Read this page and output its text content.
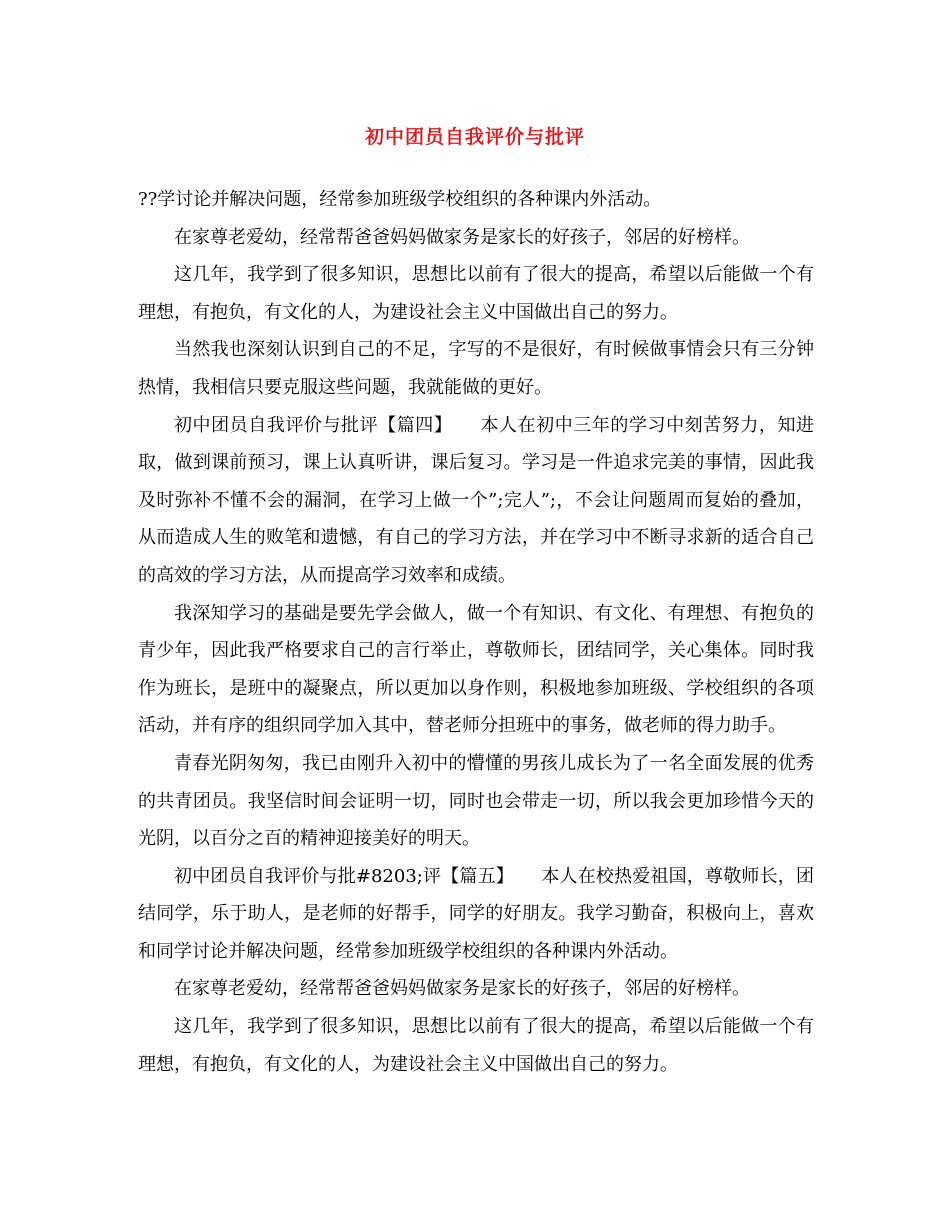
初中团员自我评价与批评

??学讨论并解决问题，经常参加班级学校组织的各种课内外活动。

在家尊老爱幼，经常帮爸爸妈妈做家务是家长的好孩子，邻居的好榜样。

这几年，我学到了很多知识，思想比以前有了很大的提高，希望以后能做一个有理想，有抱负，有文化的人，为建设社会主义中国做出自己的努力。

当然我也深刻认识到自己的不足，字写的不是很好，有时候做事情会只有三分钟热情，我相信只要克服这些问题，我就能做的更好。

初中团员自我评价与批评【篇四】　　本人在初中三年的学习中刻苦努力，知进取，做到课前预习，课上认真听讲，课后复习。学习是一件追求完美的事情，因此我及时弥补不懂不会的漏洞，在学习上做一个”;完人”;，不会让问题周而复始的叠加，从而造成人生的败笔和遗憾，有自己的学习方法，并在学习中不断寻求新的适合自己的高效的学习方法，从而提高学习效率和成绩。

我深知学习的基础是要先学会做人，做一个有知识、有文化、有理想、有抱负的青少年，因此我严格要求自己的言行举止，尊敬师长，团结同学，关心集体。同时我作为班长，是班中的凝聚点，所以更加以身作则，积极地参加班级、学校组织的各项活动，并有序的组织同学加入其中，替老师分担班中的事务，做老师的得力助手。

青春光阴匆匆，我已由刚升入初中的懵懂的男孩儿成长为了一名全面发展的优秀的共青团员。我坚信时间会证明一切，同时也会带走一切，所以我会更加珍惜今天的光阴，以百分之百的精神迎接美好的明天。

初中团员自我评价与批#8203;评【篇五】　　本人在校热爱祖国，尊敬师长，团结同学，乐于助人，是老师的好帮手，同学的好朋友。我学习勤奋，积极向上，喜欢和同学讨论并解决问题，经常参加班级学校组织的各种课内外活动。

在家尊老爱幼，经常帮爸爸妈妈做家务是家长的好孩子，邻居的好榜样。

这几年，我学到了很多知识，思想比以前有了很大的提高，希望以后能做一个有理想，有抱负，有文化的人，为建设社会主义中国做出自己的努力。
